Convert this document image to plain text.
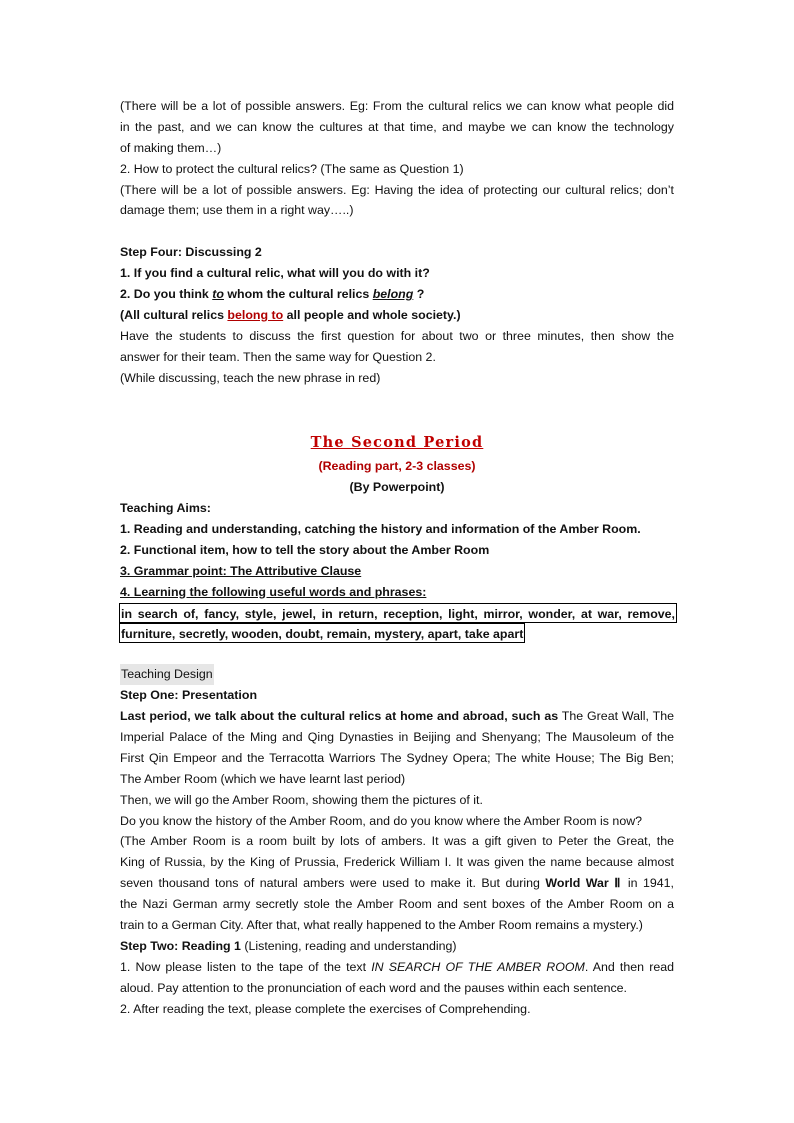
(There will be a lot of possible answers. Eg: From the cultural relics we can know what people did
in the past, and we can know the cultures at that time, and maybe we can know the technology
of making them…)
2. How to protect the cultural relics? (The same as Question 1)
(There will be a lot of possible answers. Eg: Having the idea of protecting our cultural relics; don’t
damage them; use them in a right way…..)
Step Four: Discussing 2
1. If you find a cultural relic, what will you do with it?
2. Do you think to whom the cultural relics belong ?
(All cultural relics belong to all people and whole society.)
Have the students to discuss the first question for about two or three minutes, then show the
answer for their team. Then the same way for Question 2.
(While discussing, teach the new phrase in red)
The Second Period
(Reading part, 2-3 classes)
(By Powerpoint)
Teaching Aims:
1. Reading and understanding, catching the history and information of the Amber Room.
2. Functional item, how to tell the story about the Amber Room
3. Grammar point: The Attributive Clause
4. Learning the following useful words and phrases:
in search of, fancy, style, jewel, in return, reception, light, mirror, wonder, at war, remove,
furniture, secretly, wooden, doubt, remain, mystery, apart, take apart
Teaching Design
Step One: Presentation
Last period, we talk about the cultural relics at home and abroad, such as The Great Wall, The
Imperial Palace of the Ming and Qing Dynasties in Beijing and Shenyang; The Mausoleum of the
First Qin Empeor and the Terracotta Warriors The Sydney Opera; The white House; The Big Ben;
The Amber Room (which we have learnt last period)
Then, we will go the Amber Room, showing them the pictures of it.
Do you know the history of the Amber Room, and do you know where the Amber Room is now?
(The Amber Room is a room built by lots of ambers. It was a gift given to Peter the Great, the
King of Russia, by the King of Prussia, Frederick William I. It was given the name because almost
seven thousand tons of natural ambers were used to make it. But during World War Ⅱ in 1941,
the Nazi German army secretly stole the Amber Room and sent boxes of the Amber Room on a
train to a German City. After that, what really happened to the Amber Room remains a mystery.)
Step Two: Reading 1 (Listening, reading and understanding)
1. Now please listen to the tape of the text IN SEARCH OF THE AMBER ROOM. And then read
aloud. Pay attention to the pronunciation of each word and the pauses within each sentence.
2. After reading the text, please complete the exercises of Comprehending.
